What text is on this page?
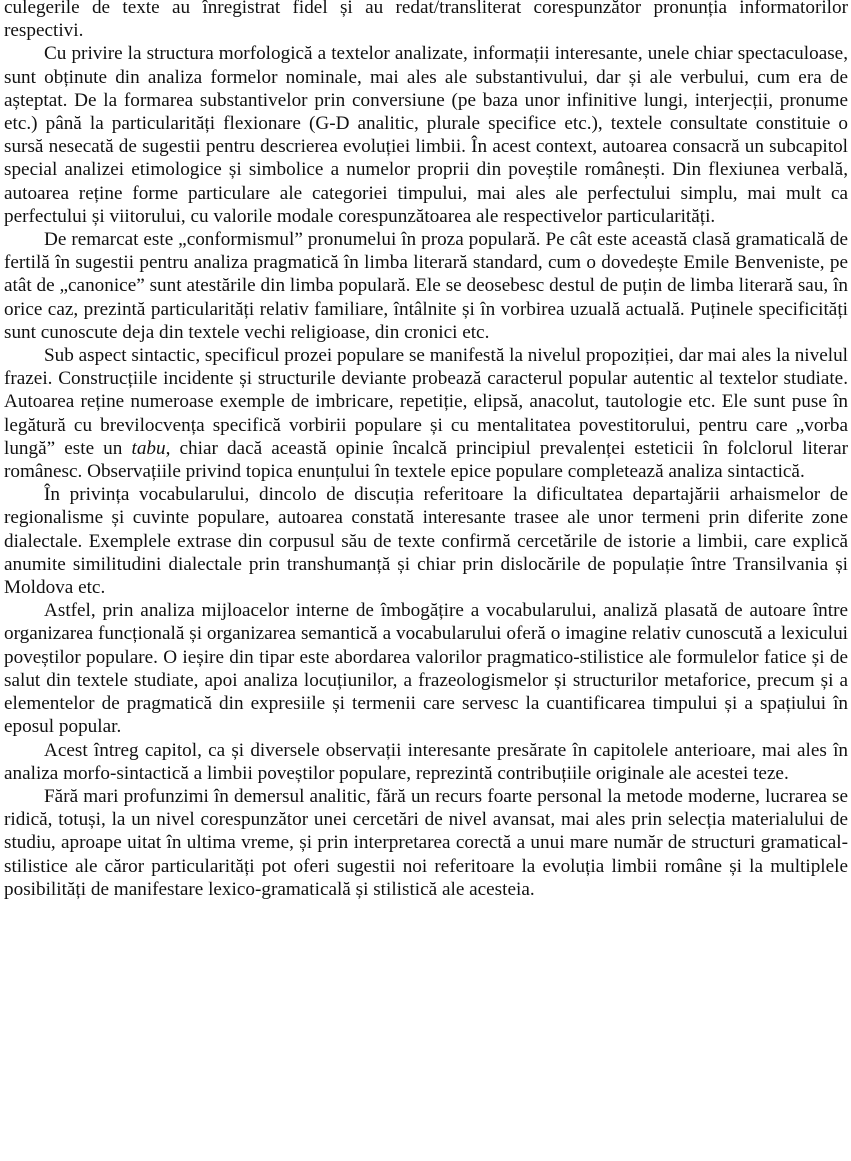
culegerile de texte au înregistrat fidel și au redat/transliterat corespunzător pronunția informatorilor respectivi.

Cu privire la structura morfologică a textelor analizate, informații interesante, unele chiar spectaculoase, sunt obținute din analiza formelor nominale, mai ales ale substantivului, dar și ale verbului, cum era de așteptat. De la formarea substantivelor prin conversiune (pe baza unor infinitive lungi, interjecții, pronume etc.) până la particularități flexionare (G-D analitic, plurale specifice etc.), textele consultate constituie o sursă nesecată de sugestii pentru descrierea evoluției limbii. În acest context, autoarea consacră un subcapitol special analizei etimologice și simbolice a numelor proprii din poveștile românești. Din flexiunea verbală, autoarea reține forme particulare ale categoriei timpului, mai ales ale perfectului simplu, mai mult ca perfectului și viitorului, cu valorile modale corespunzătoarea ale respectivelor particularități.

De remarcat este „conformismul” pronumelui în proza populară. Pe cât este această clasă gramaticală de fertilă în sugestii pentru analiza pragmatică în limba literară standard, cum o dovedește Emile Benveniste, pe atât de „canonice” sunt atestările din limba populară. Ele se deosebesc destul de puțin de limba literară sau, în orice caz, prezintă particularități relativ familiare, întâlnite și în vorbirea uzuală actuală. Puținele specificități sunt cunoscute deja din textele vechi religioase, din cronici etc.

Sub aspect sintactic, specificul prozei populare se manifestă la nivelul propoziției, dar mai ales la nivelul frazei. Construcțiile incidente și structurile deviante probează caracterul popular autentic al textelor studiate. Autoarea reține numeroase exemple de imbricare, repetiție, elipsă, anacolut, tautologie etc. Ele sunt puse în legătură cu brevilocvența specifică vorbirii populare și cu mentalitatea povestitorului, pentru care „vorba lungă” este un tabu, chiar dacă această opinie încalcă principiul prevalenței esteticii în folclorul literar românesc. Observațiile privind topica enunțului în textele epice populare completează analiza sintactică.

În privința vocabularului, dincolo de discuția referitoare la dificultatea departajării arhaismelor de regionalisme și cuvinte populare, autoarea constată interesante trasee ale unor termeni prin diferite zone dialectale. Exemplele extrase din corpusul său de texte confirmă cercetările de istorie a limbii, care explică anumite similitudini dialectale prin transhumanță și chiar prin dislocările de populație între Transilvania și Moldova etc.

Astfel, prin analiza mijloacelor interne de îmbogățire a vocabularului, analiză plasată de autoare între organizarea funcțională și organizarea semantică a vocabularului oferă o imagine relativ cunoscută a lexicului poveștilor populare. O ieșire din tipar este abordarea valorilor pragmatico-stilistice ale formulelor fatice și de salut din textele studiate, apoi analiza locuțiunilor, a frazeologismelor și structurilor metaforice, precum și a elementelor de pragmatică din expresiile și termenii care servesc la cuantificarea timpului și a spațiului în eposul popular.

Acest întreg capitol, ca și diversele observații interesante presărate în capitolele anterioare, mai ales în analiza morfo-sintactică a limbii poveștilor populare, reprezintă contribuțiile originale ale acestei teze.

Fără mari profunzimi în demersul analitic, fără un recurs foarte personal la metode moderne, lucrarea se ridică, totuși, la un nivel corespunzător unei cercetări de nivel avansat, mai ales prin selecția materialului de studiu, aproape uitat în ultima vreme, și prin interpretarea corectă a unui mare număr de structuri gramatical-stilistice ale căror particularități pot oferi sugestii noi referitoare la evoluția limbii române și la multiplele posibilități de manifestare lexico-gramaticală și stilistică ale acesteia.
